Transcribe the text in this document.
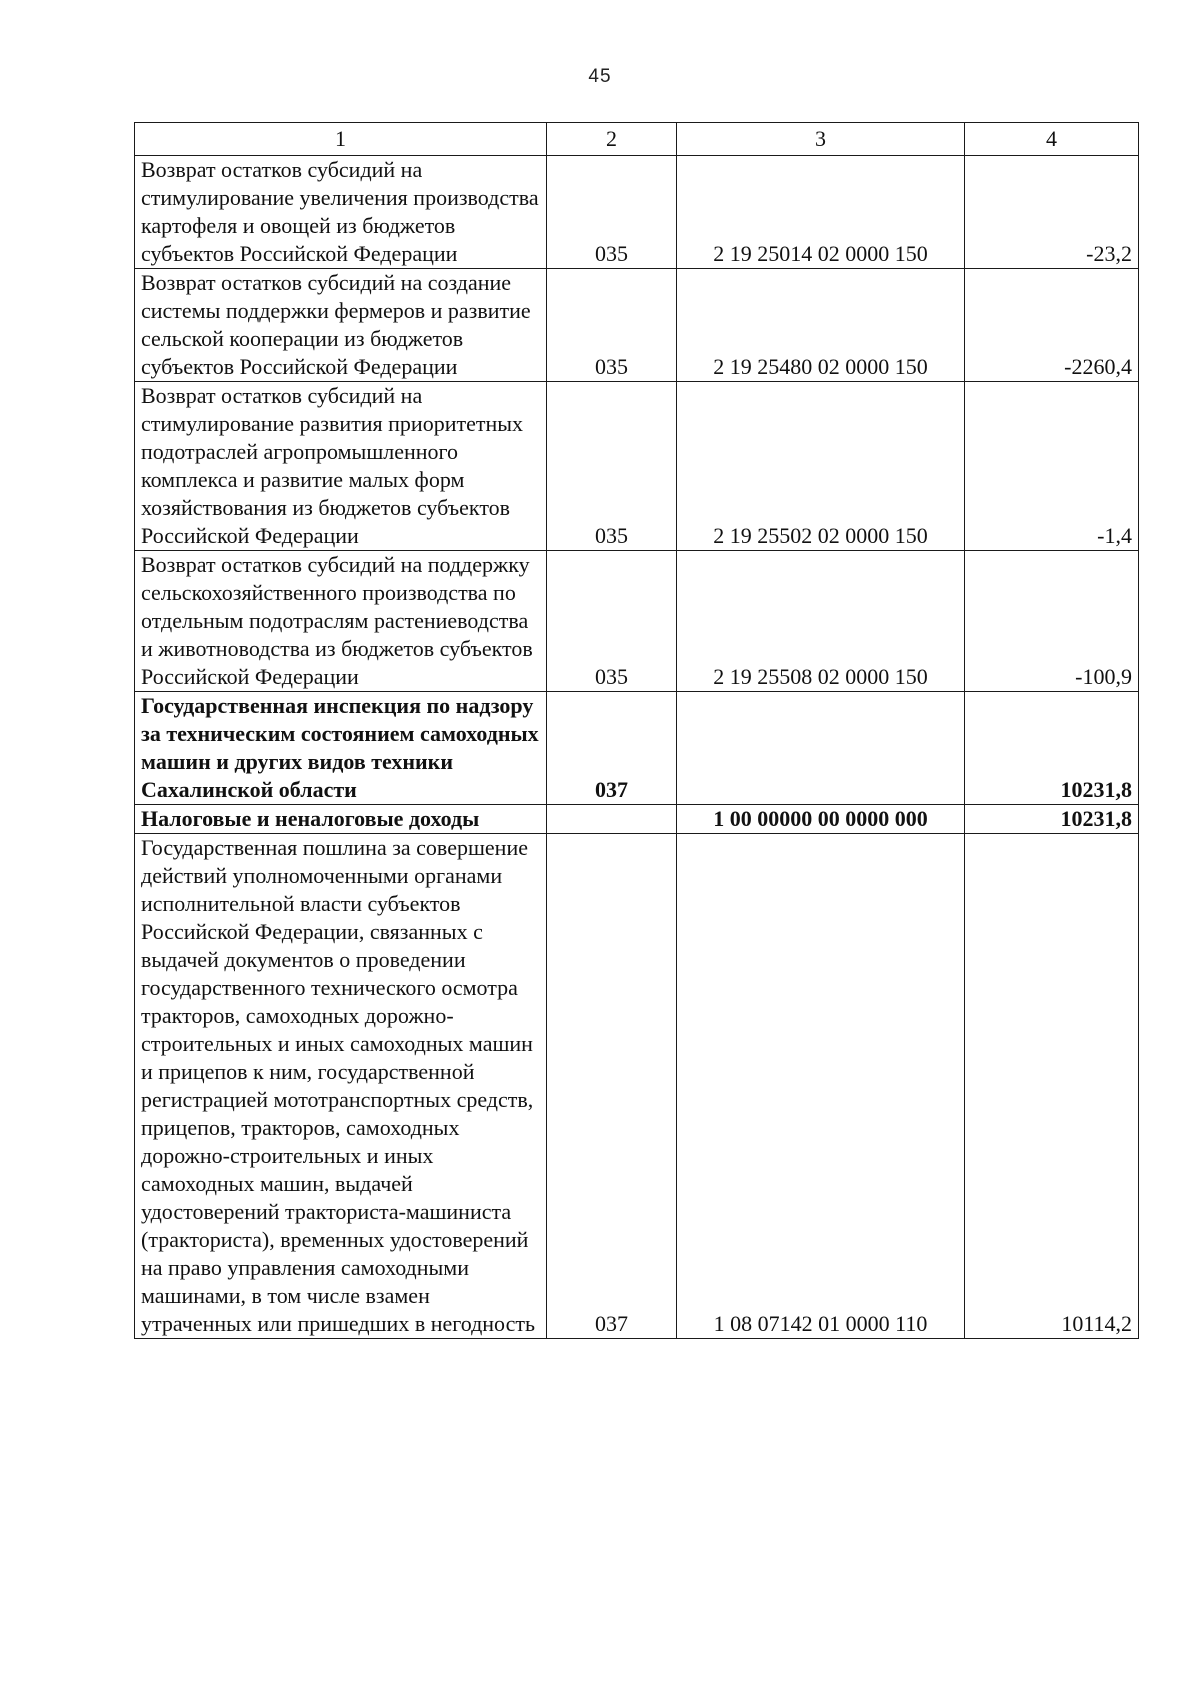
45
1	2	3	4
Возврат остатков субсидий на стимулирование увеличения производства картофеля и овощей из бюджетов субъектов Российской Федерации	035	2 19 25014 02 0000 150	-23,2
Возврат остатков субсидий на создание системы поддержки фермеров и развитие сельской кооперации из бюджетов субъектов Российской Федерации	035	2 19 25480 02 0000 150	-2260,4
Возврат остатков субсидий на стимулирование развития приоритетных подотраслей агропромышленного комплекса и развитие малых форм хозяйствования из бюджетов субъектов Российской Федерации	035	2 19 25502 02 0000 150	-1,4
Возврат остатков субсидий на поддержку сельскохозяйственного производства по отдельным подотраслям растениеводства и животноводства из бюджетов субъектов Российской Федерации	035	2 19 25508 02 0000 150	-100,9
Государственная инспекция по надзору за техническим состоянием самоходных машин и других видов техники Сахалинской области	037		10231,8
Налоговые и неналоговые доходы		1 00 00000 00 0000 000	10231,8
Государственная пошлина за совершение действий уполномоченными органами исполнительной власти субъектов Российской Федерации, связанных с выдачей документов о проведении государственного технического осмотра тракторов, самоходных дорожно-строительных и иных самоходных машин и прицепов к ним, государственной регистрацией мототранспортных средств, прицепов, тракторов, самоходных дорожно-строительных и иных самоходных машин, выдачей удостоверений тракториста-машиниста (тракториста), временных удостоверений на право управления самоходными машинами, в том числе взамен утраченных или пришедших в негодность	037	1 08 07142 01 0000 110	10114,2
